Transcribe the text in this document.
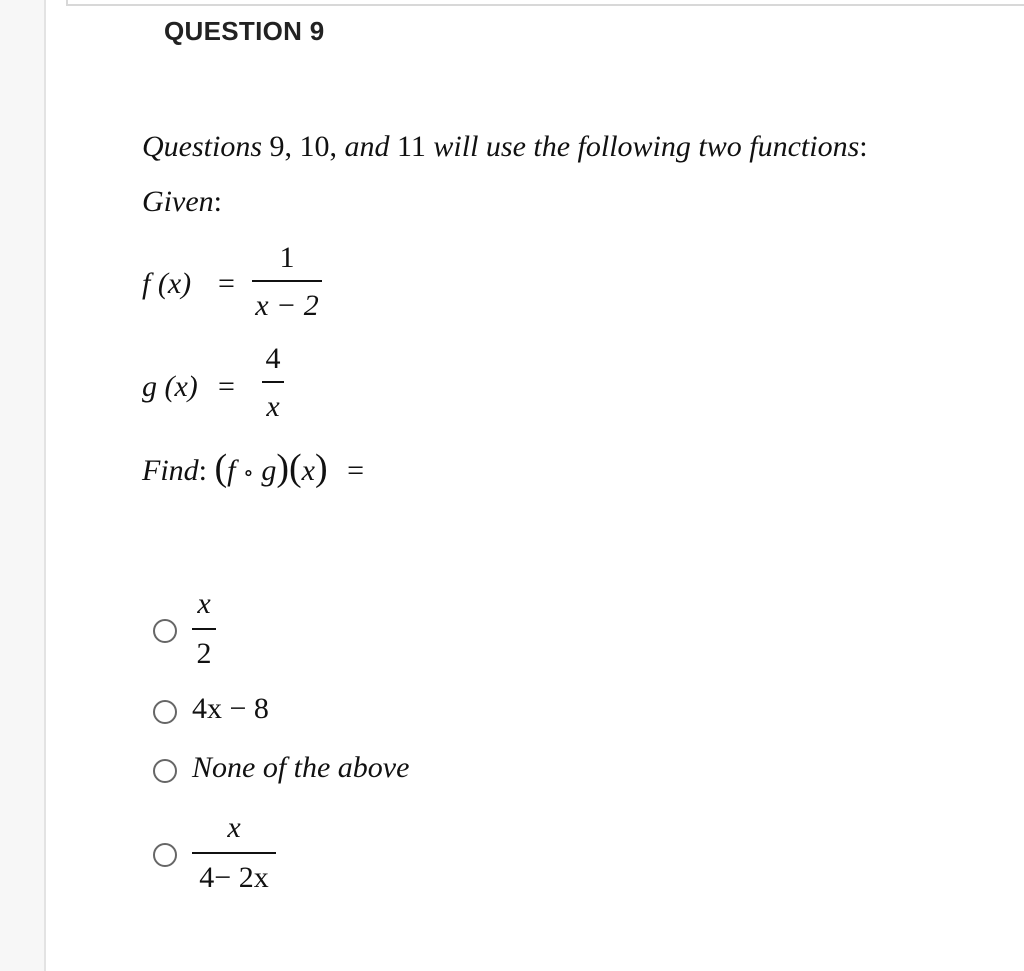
QUESTION 9
Questions 9, 10, and 11 will use the following two functions:
Given:
f $(x) = \frac{1}{x - 2}$
g $(x) = \frac{4}{x}$
Find: (f ∘ g)(x) =
$\frac{x}{2}$
4x − 8
None of the above
$\frac{x}{4- 2x}$
